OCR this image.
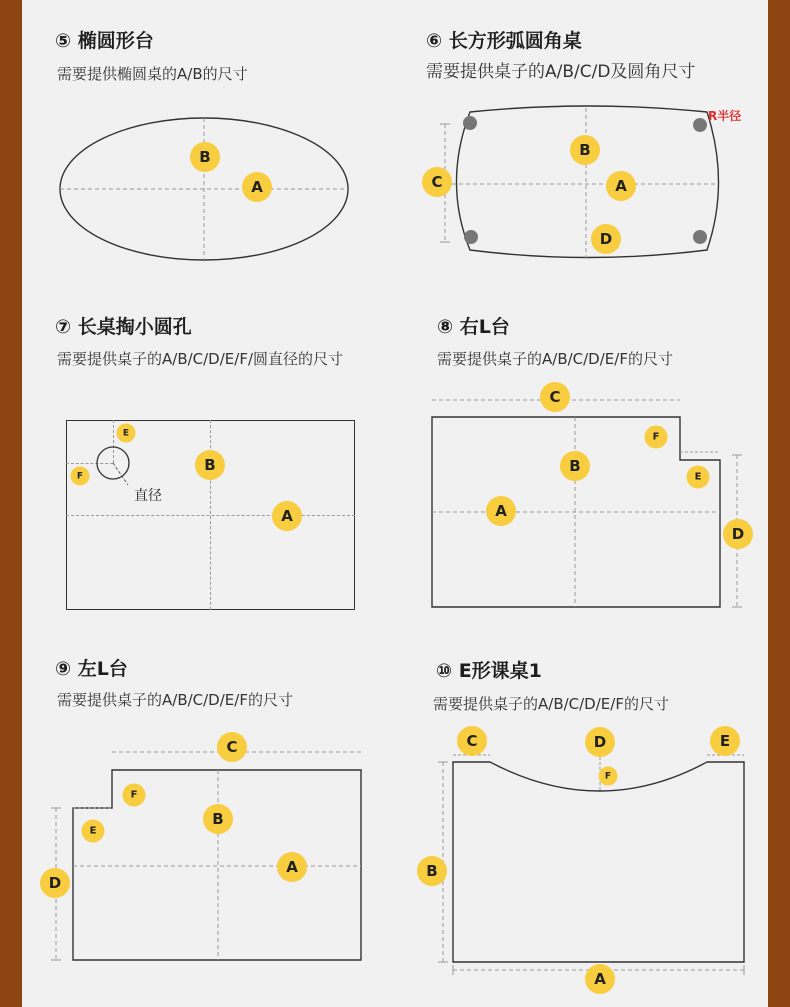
⑤ 椭圆形台
需要提供椭圆桌的A/B的尺寸
B
A
⑥ 长方形弧圆角桌
需要提供桌子的A/B/C/D及圆角尺寸
R半径
B
C	A
D
⑦ 长桌掏小圆孔
需要提供桌子的A/B/C/D/E/F/圆直径的尺寸
直径
E
F
B
A
⑧ 右L台
需要提供桌子的A/B/C/D/E/F的尺寸
C
F
B
E
A
D
⑨ 左L台
需要提供桌子的A/B/C/D/E/F的尺寸
C
F
E
B
A
D
⑩ E形课桌1
需要提供桌子的A/B/C/D/E/F的尺寸
C	D	E
F
B
A
